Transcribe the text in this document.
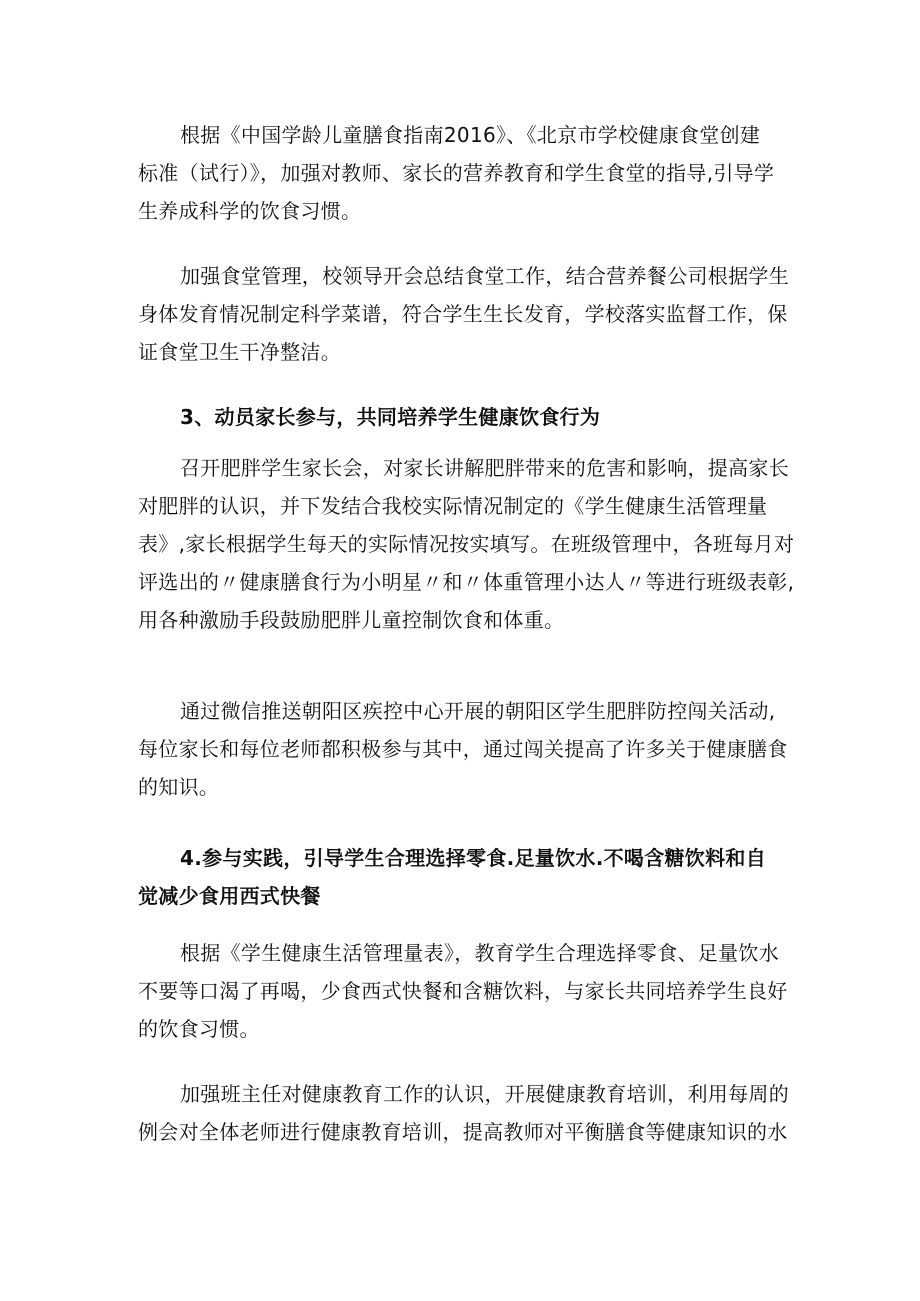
根据《中国学龄儿童膳食指南2016》、《北京市学校健康食堂创建
标准（试行）》，加强对教师、家长的营养教育和学生食堂的指导,引导学
生养成科学的饮食习惯。
加强食堂管理，校领导开会总结食堂工作，结合营养餐公司根据学生
身体发育情况制定科学菜谱，符合学生生长发育，学校落实监督工作，保
证食堂卫生干净整洁。
3、动员家长参与，共同培养学生健康饮食行为
召开肥胖学生家长会，对家长讲解肥胖带来的危害和影响，提高家长
对肥胖的认识，并下发结合我校实际情况制定的《学生健康生活管理量
表》,家长根据学生每天的实际情况按实填写。在班级管理中，各班每月对
评选出的〃健康膳食行为小明星〃和〃体重管理小达人〃等进行班级表彰,
用各种激励手段鼓励肥胖儿童控制饮食和体重。
通过微信推送朝阳区疾控中心开展的朝阳区学生肥胖防控闯关活动,
每位家长和每位老师都积极参与其中，通过闯关提高了许多关于健康膳食
的知识。
4.参与实践，引导学生合理选择零食.足量饮水.不喝含糖饮料和自
觉减少食用西式快餐
根据《学生健康生活管理量表》，教育学生合理选择零食、足量饮水
不要等口渴了再喝，少食西式快餐和含糖饮料，与家长共同培养学生良好
的饮食习惯。
加强班主任对健康教育工作的认识，开展健康教育培训，利用每周的
例会对全体老师进行健康教育培训，提高教师对平衡膳食等健康知识的水
